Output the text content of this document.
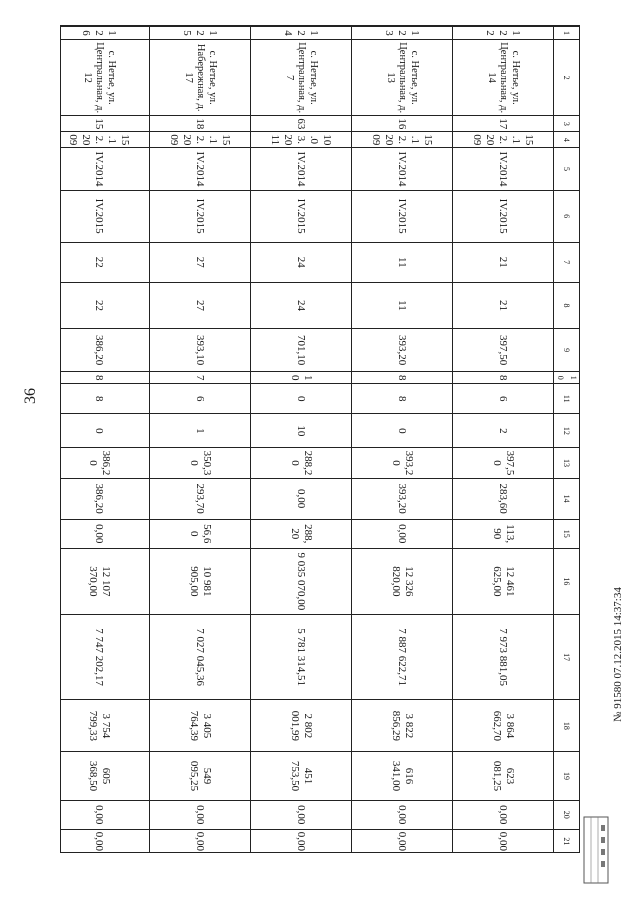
36
1	2	3	4	5	6	7	8	9	10	11	12	13	14	15	16	17	18	19	20	21
122	с. Нетье, ул. Центральная, д. 14	17	15.12.2009	IV.2014	IV.2015	21	21	397,50	8	6	2	397,50	283,60	113,90	12 461 625,00	7 973 881,05	3 864 662,70	623 081,25	0,00	0,00
123	с. Нетье, ул. Центральная, д. 13	16	15.12.2009	IV.2014	IV.2015	11	11	393,20	8	8	0	393,20	393,20	0,00	12 326 820,00	7 887 622,71	3 822 856,29	616 341,00	0,00	0,00
124	с. Нетье, ул. Центральная, д. 7	63	10.03.2011	IV.2014	IV.2015	24	24	701,10	10	0	10	288,20	0,00	288,20	9 035 070,00	5 781 314,51	2 802 001,99	451 753,50	0,00	0,00
125	с. Нетье, ул. Набережная, д. 17	18	15.12.2009	IV.2014	IV.2015	27	27	393,10	7	6	1	350,30	293,70	56,60	10 981 905,00	7 027 045,36	3 405 764,39	549 095,25	0,00	0,00
126	с. Нетье, ул. Центральная, д. 12	15	15.12.2009	IV.2014	IV.2015	22	22	386,20	8	8	0	386,20	386,20	0,00	12 107 370,00	7 747 202,17	3 754 799,33	605 368,50	0,00	0,00
№ 91580 07.12.2015 14:37:34
